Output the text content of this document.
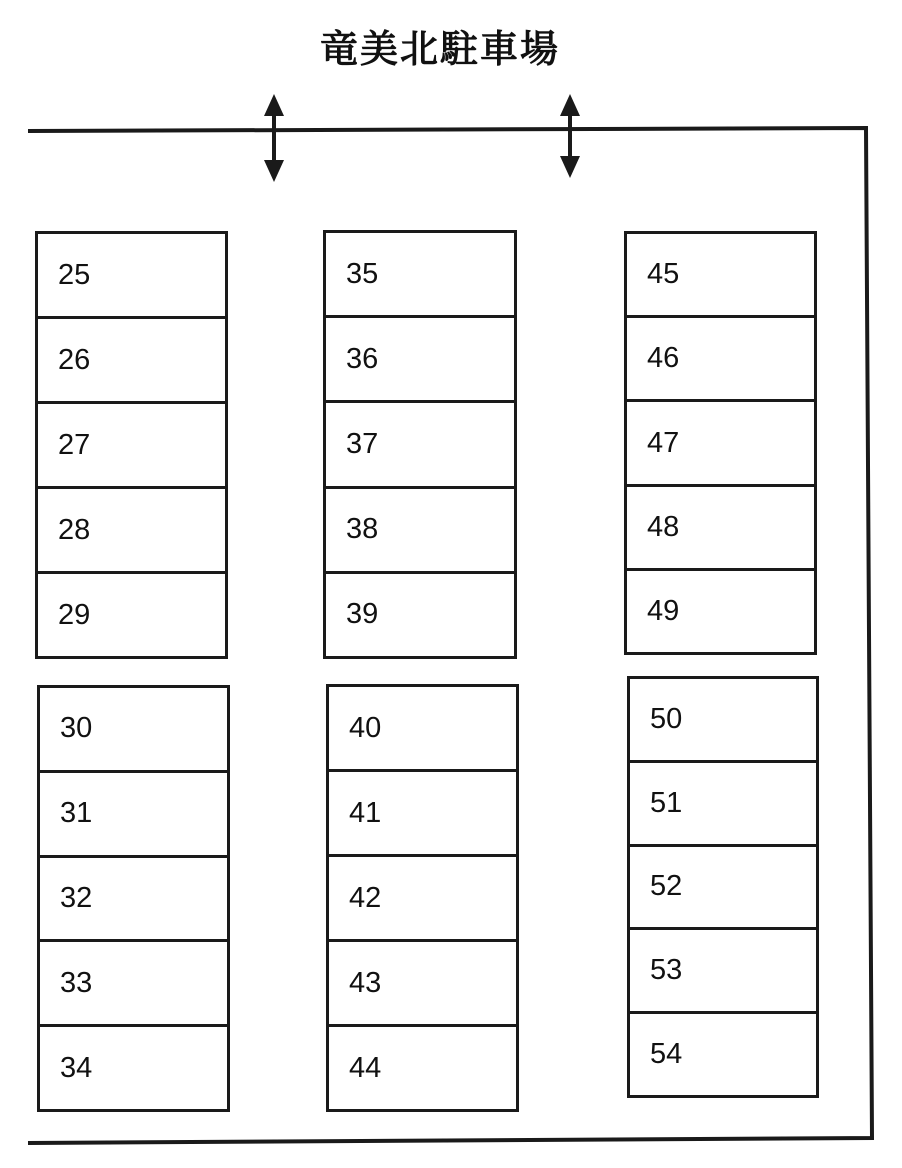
竜美北駐車場
25
26
27
28
29
30
31
32
33
34
35
36
37
38
39
40
41
42
43
44
45
46
47
48
49
50
51
52
53
54
